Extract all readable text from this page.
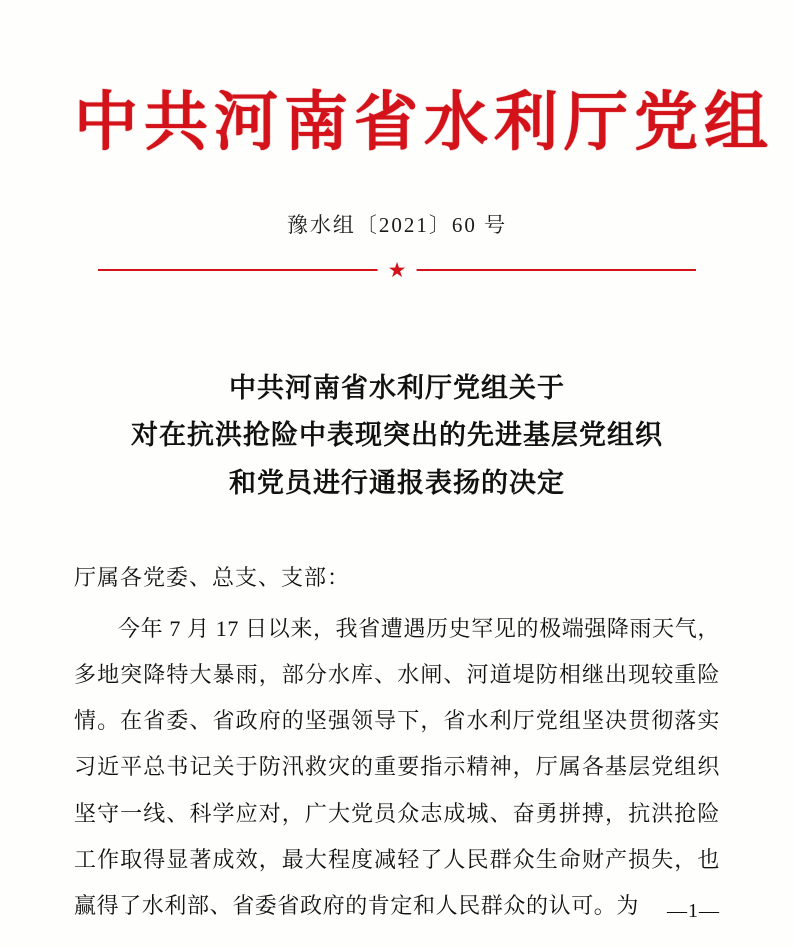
中共河南省水利厅党组
豫水组〔2021〕60 号
★
中共河南省水利厅党组关于
对在抗洪抢险中表现突出的先进基层党组织
和党员进行通报表扬的决定
厅属各党委、总支、支部：
今年 7 月 17 日以来，我省遭遇历史罕见的极端强降雨天气，多地突降特大暴雨，部分水库、水闸、河道堤防相继出现较重险情。在省委、省政府的坚强领导下，省水利厅党组坚决贯彻落实习近平总书记关于防汛救灾的重要指示精神，厅属各基层党组织坚守一线、科学应对，广大党员众志成城、奋勇拼搏，抗洪抢险工作取得显著成效，最大程度减轻了人民群众生命财产损失，也赢得了水利部、省委省政府的肯定和人民群众的认可。为	—1—
